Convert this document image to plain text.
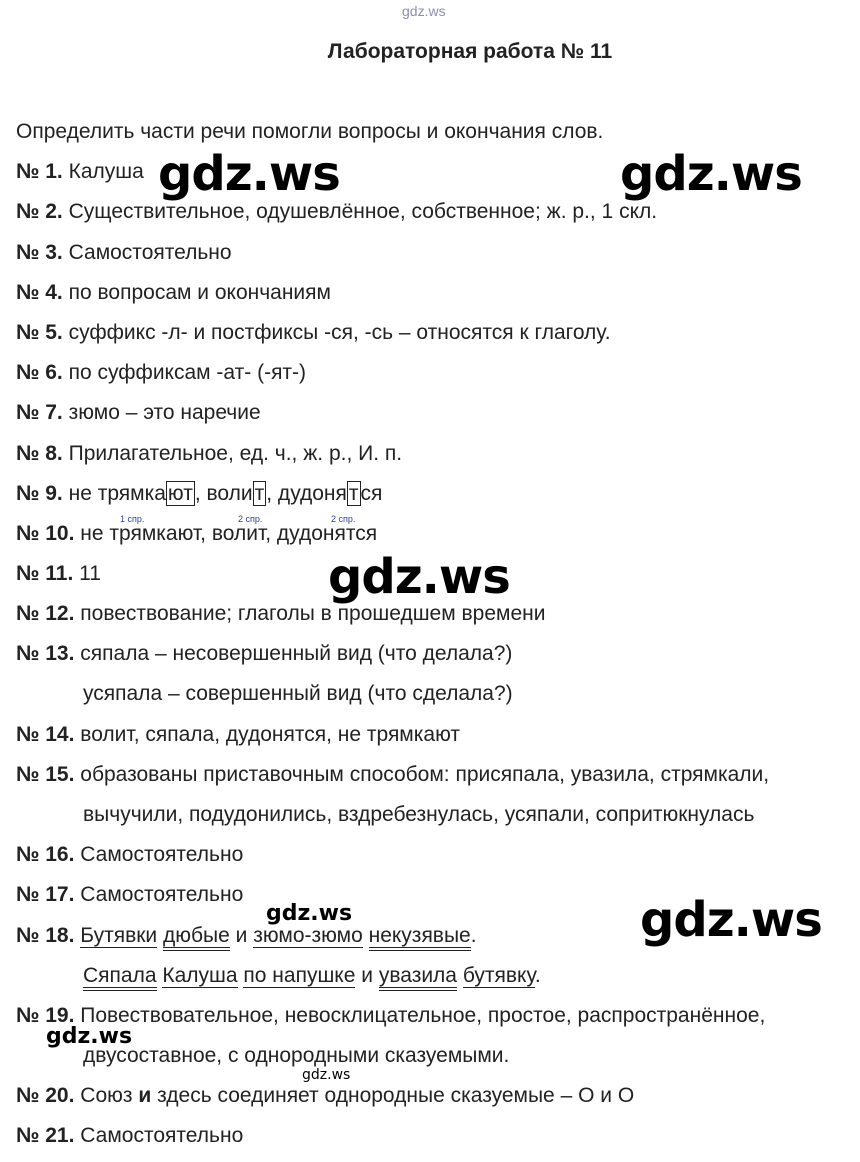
gdz.ws
Лабораторная работа № 11
Определить части речи помогли вопросы и окончания слов.
№ 1. Калуша
№ 2. Существительное, одушевлённое, собственное; ж. р., 1 скл.
№ 3. Самостоятельно
№ 4. по вопросам и окончаниям
№ 5. суффикс -л- и постфиксы -ся, -сь – относятся к глаголу.
№ 6. по суффиксам -ат- (-ят-)
№ 7. зюмо – это наречие
№ 8. Прилагательное, ед. ч., ж. р., И. п.
№ 9. не трямкают, волит, дудонятся
1 спр.	2 спр.	2 спр.
№ 10. не трямкают, волит, дудонятся
№ 11. 11
№ 12. повествование; глаголы в прошедшем времени
№ 13. сяпала – несовершенный вид (что делала?)
усяпала – совершенный вид (что сделала?)
№ 14. волит, сяпала, дудонятся, не трямкают
№ 15. образованы приставочным способом: присяпала, увазила, стрямкали,
вычучили, подудонились, вздребезнулась, усяпали, сопритюкнулась
№ 16. Самостоятельно
№ 17. Самостоятельно
№ 18. Бутявки дюбые и зюмо-зюмо некузявые.
Сяпала Калуша по напушке и увазила бутявку.
№ 19. Повествовательное, невосклицательное, простое, распространённое,
двусоставное, с однородными сказуемыми.
№ 20. Союз и здесь соединяет однородные сказуемые – О и О
№ 21. Самостоятельно
gdz.ws	gdz.ws
gdz.ws
gdz.ws
gdz.ws
gdz.ws
gdz.ws
